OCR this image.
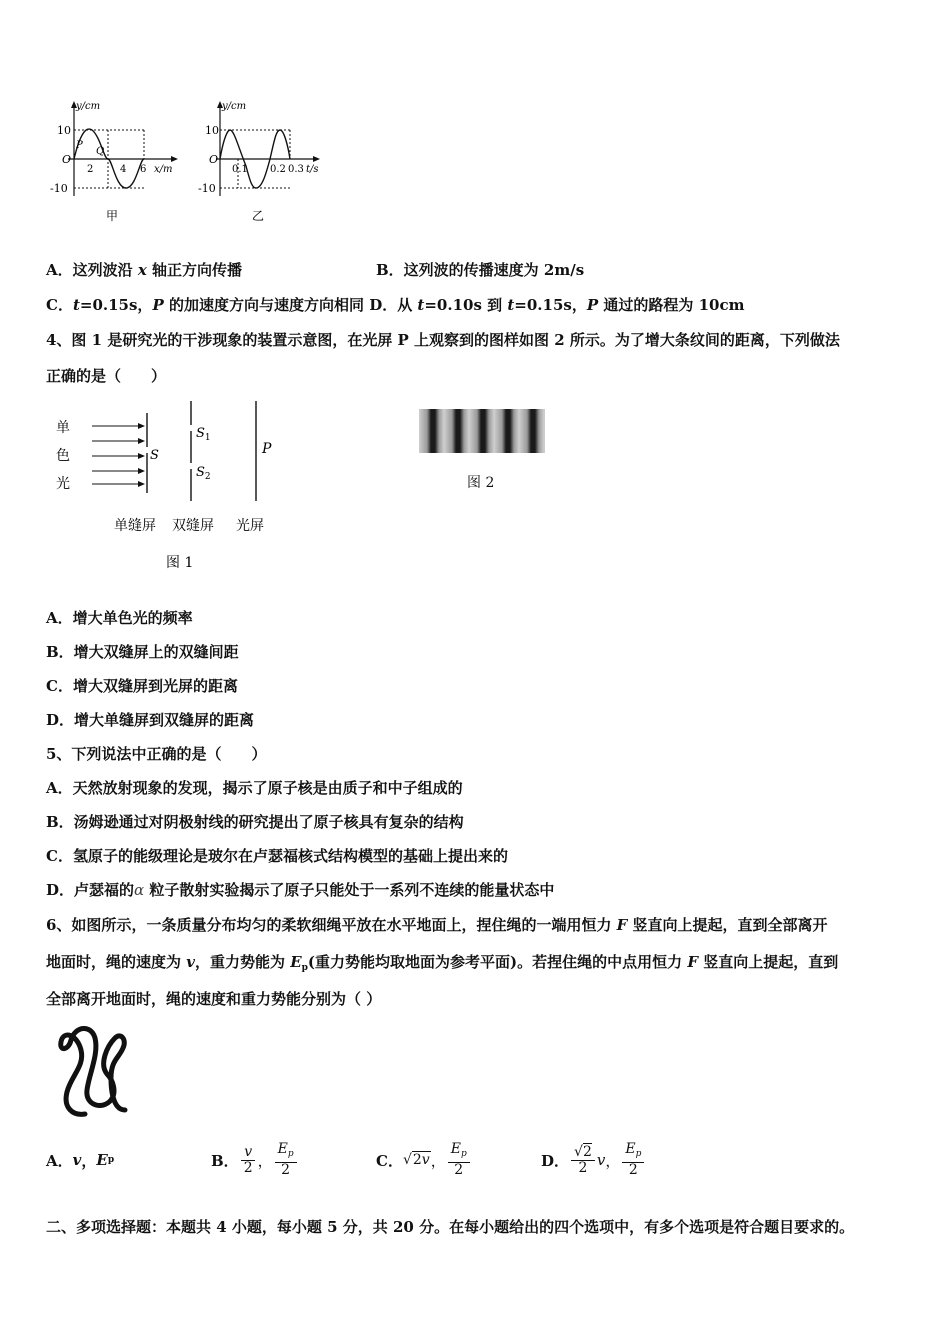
y/cm
10
-10
O
P
Q
2	4 6 x/m
甲
y/cm
10
-10
O
0.1 0.2 0.3 t/s
乙
A．这列波沿 x 轴正方向传播	B．这列波的传播速度为 2m/s
C．t=0.15s，P 的加速度方向与速度方向相同 D．从 t=0.10s 到 t=0.15s，P 通过的路程为 10cm
4、图 1 是研究光的干涉现象的装置示意图，在光屏 P 上观察到的图样如图 2 所示。为了增大条纹间的距离，下列做法
正确的是（　　）
单
色
光
S
$S_1$
$S_2$
P
单缝屏 双缝屏 光屏
图 1
图 2
A．增大单色光的频率
B．增大双缝屏上的双缝间距
C．增大双缝屏到光屏的距离
D．增大单缝屏到双缝屏的距离
5、下列说法中正确的是（　　）
A．天然放射现象的发现，揭示了原子核是由质子和中子组成的
B．汤姆逊通过对阴极射线的研究提出了原子核具有复杂的结构
C．氢原子的能级理论是玻尔在卢瑟福核式结构模型的基础上提出来的
D．卢瑟福的α 粒子散射实验揭示了原子只能处于一系列不连续的能量状态中
6、如图所示，一条质量分布均匀的柔软细绳平放在水平地面上，捏住绳的一端用恒力 F 竖直向上提起，直到全部离开
地面时，绳的速度为 v，重力势能为 $E_p$(重力势能均取地面为参考平面)。若捏住绳的中点用恒力 F 竖直向上提起，直到
全部离开地面时，绳的速度和重力势能分别为（ ）
A． v ， E p	B． $\frac{v}{2}$ ， $\frac{E_p}{2}$	C． √2v ， $\frac{E_p}{2}$	D． $\frac{√2}{2}$ v ， $\frac{E_p}{2}$
二、多项选择题：本题共 4 小题，每小题 5 分，共 20 分。在每小题给出的四个选项中，有多个选项是符合题目要求的。
